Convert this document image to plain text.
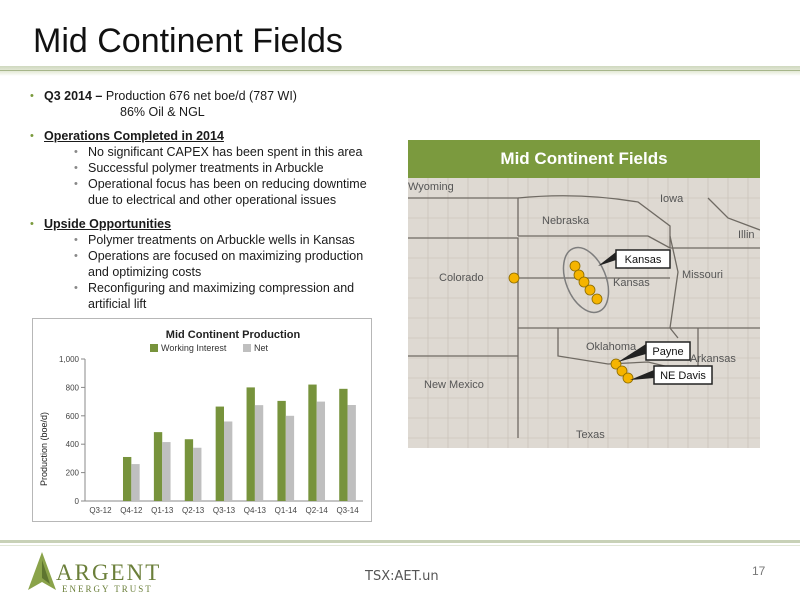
Mid Continent Fields
• Q3 2014 – Production 676 net boe/d (787 WI)
86% Oil & NGL
• Operations Completed in 2014
• No significant CAPEX has been spent in this area
• Successful polymer treatments in Arbuckle
• Operational focus has been on reducing downtime
due to electrical and other operational issues
• Upside Opportunities
• Polymer treatments on Arbuckle wells in Kansas
• Operations are focused on maximizing production
and optimizing costs
• Reconfiguring and maximizing compression and
artificial lift
Mid Continent Production
Working Interest	Net
Production (boe/d)
0
200
400
600
800
1,000
Q3-12 Q4-12 Q1-13 Q2-13 Q3-13 Q4-13 Q1-14 Q2-14 Q3-14
Mid Continent Fields
Wyoming
Iowa
Nebraska
Illin
Colorado	Kansas
Missouri
Oklahoma
Arkansas
New Mexico
Texas
Kansas
Payne
NE Davis
ARGENT
ENERGY TRUST
TSX:AET.un	17
